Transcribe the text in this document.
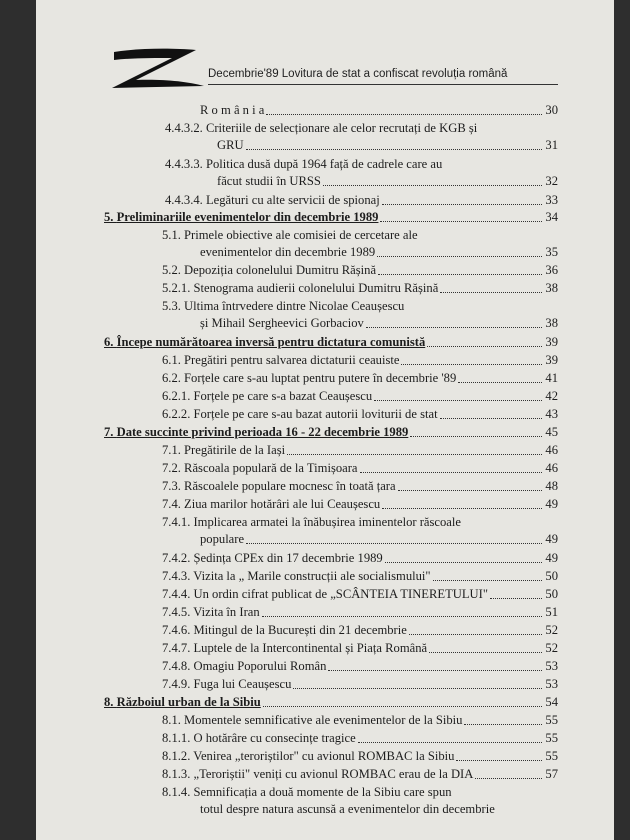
Decembrie'89 Lovitura de stat a confiscat revoluția română
R o m â n i a	30
4.4.3.2. Criteriile de selecționare ale celor recrutați de KGB și
GRU	31
4.4.3.3. Politica dusă după 1964 față de cadrele care au
făcut studii în URSS	32
4.4.3.4. Legături cu alte servicii de spionaj	33
5. Preliminariile evenimentelor din decembrie 1989	34
5.1. Primele obiective ale comisiei de cercetare ale
evenimentelor din decembrie 1989	35
5.2. Depoziția colonelului Dumitru Rășină	36
5.2.1. Stenograma audierii colonelului Dumitru Rășină	38
5.3. Ultima întrvedere dintre Nicolae Ceaușescu
și Mihail Sergheevici Gorbaciov	38
6. Începe numărătoarea inversă pentru dictatura comunistă	39
6.1. Pregătiri pentru salvarea dictaturii ceauiste	39
6.2. Forțele care s-au luptat pentru putere în decembrie '89	41
6.2.1. Forțele pe care s-a bazat Ceaușescu	42
6.2.2. Forțele pe care s-au bazat autorii loviturii de stat	43
7. Date succinte privind perioada 16 - 22 decembrie 1989	45
7.1. Pregătirile de la Iași	46
7.2. Răscoala populară de la Timișoara	46
7.3. Răscoalele populare mocnesc în toată țara	48
7.4. Ziua marilor hotărâri ale lui Ceaușescu	49
7.4.1. Implicarea armatei la înăbușirea iminentelor răscoale
populare	49
7.4.2. Ședința CPEx din 17 decembrie 1989	49
7.4.3. Vizita la „ Marile construcții ale socialismului"	50
7.4.4. Un ordin cifrat publicat de „SCÂNTEIA TINERETULUI"	50
7.4.5. Vizita în Iran	51
7.4.6. Mitingul de la București din 21 decembrie	52
7.4.7. Luptele de la Intercontinental și Piața Română	52
7.4.8. Omagiu Poporului Român	53
7.4.9. Fuga lui Ceaușescu	53
8. Războiul urban de la Sibiu	54
8.1. Momentele semnificative ale evenimentelor de la Sibiu	55
8.1.1. O hotărâre cu consecințe tragice	55
8.1.2. Venirea „teroriștilor" cu avionul ROMBAC la Sibiu	55
8.1.3. „Teroriștii" veniți cu avionul ROMBAC erau de la DIA	57
8.1.4. Semnificația a două momente de la Sibiu care spun
totul despre natura ascunsă a evenimentelor din decembrie
